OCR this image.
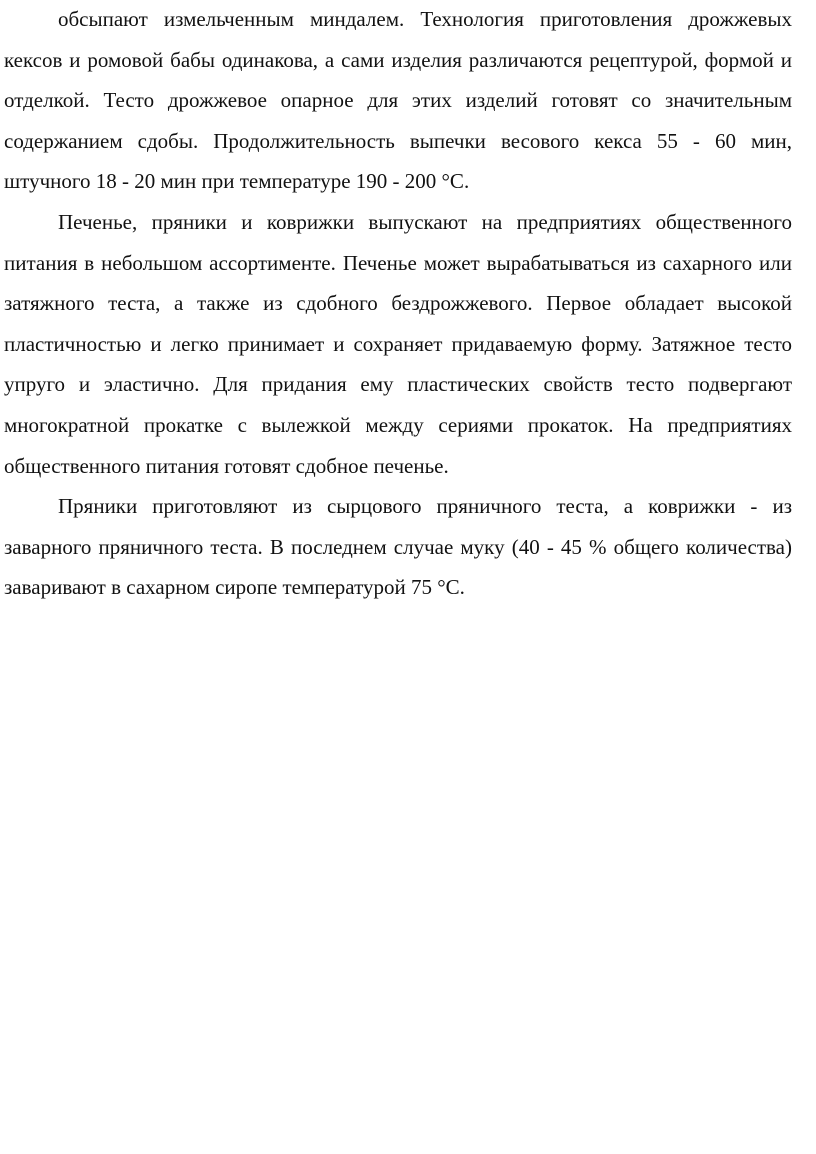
обсыпают измельченным миндалем. Технология приготовления дрожжевых кексов и ромовой бабы одинакова, а сами изделия различаются рецептурой, формой и отделкой. Тесто дрожжевое опарное для этих изделий готовят со значительным содержанием сдобы. Продолжительность выпечки весового кекса 55 - 60 мин, штучного 18 - 20 мин при температуре 190 - 200 °С.

Печенье, пряники и коврижки выпускают на предприятиях общественного питания в небольшом ассортименте. Печенье может вырабатываться из сахарного или затяжного теста, а также из сдобного бездрожжевого. Первое обладает высокой пластичностью и легко принимает и сохраняет придаваемую форму. Затяжное тесто упруго и эластично. Для придания ему пластических свойств тесто подвергают многократной прокатке с вылежкой между сериями прокаток. На предприятиях общественного питания готовят сдобное печенье.

Пряники приготовляют из сырцового пряничного теста, а коврижки - из заварного пряничного теста. В последнем случае муку (40 - 45 % общего количества) заваривают в сахарном сиропе температурой 75 °С.
